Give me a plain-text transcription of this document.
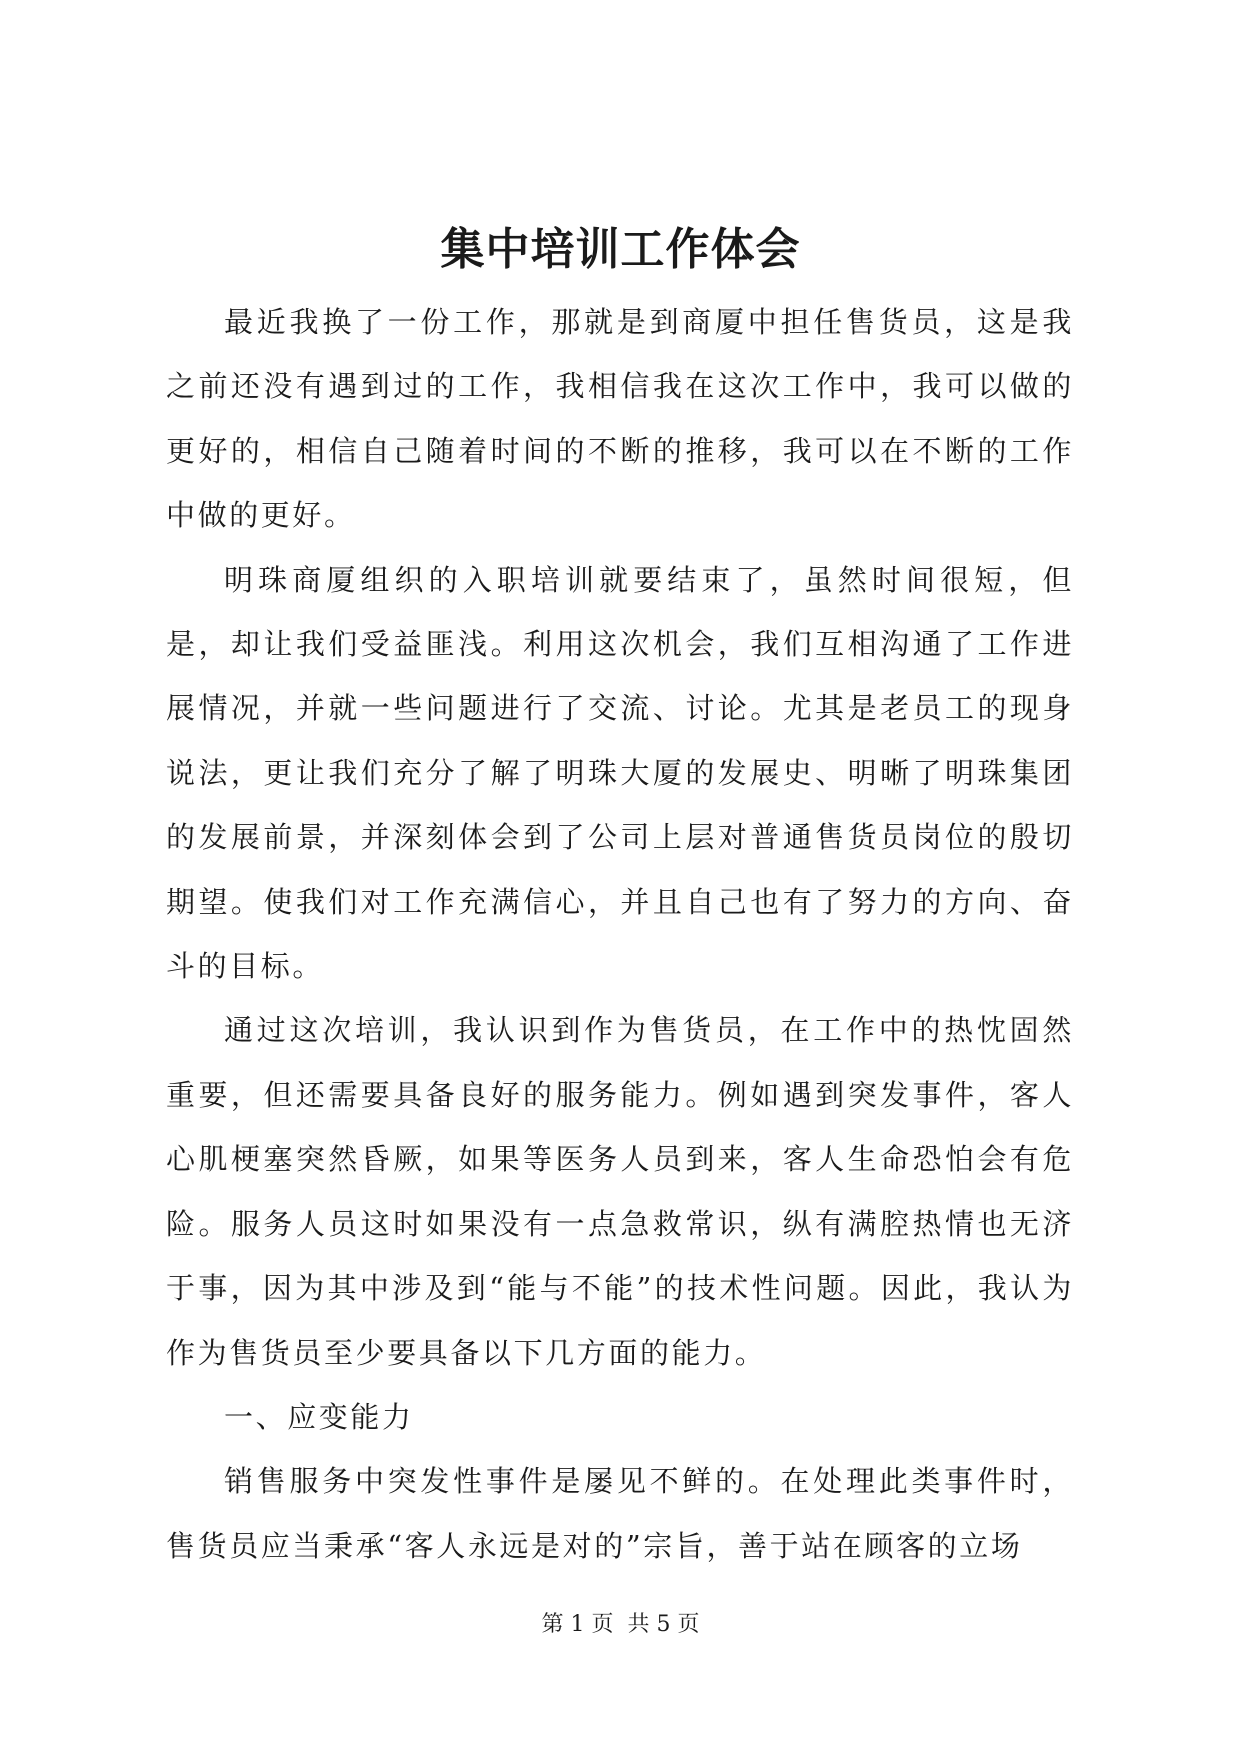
集中培训工作体会

最近我换了一份工作，那就是到商厦中担任售货员，这是我之前还没有遇到过的工作，我相信我在这次工作中，我可以做的更好的，相信自己随着时间的不断的推移，我可以在不断的工作中做的更好。

明珠商厦组织的入职培训就要结束了，虽然时间很短，但是，却让我们受益匪浅。利用这次机会，我们互相沟通了工作进展情况，并就一些问题进行了交流、讨论。尤其是老员工的现身说法，更让我们充分了解了明珠大厦的发展史、明晰了明珠集团的发展前景，并深刻体会到了公司上层对普通售货员岗位的殷切期望。使我们对工作充满信心，并且自己也有了努力的方向、奋斗的目标。

通过这次培训，我认识到作为售货员，在工作中的热忱固然重要，但还需要具备良好的服务能力。例如遇到突发事件，客人心肌梗塞突然昏厥，如果等医务人员到来，客人生命恐怕会有危险。服务人员这时如果没有一点急救常识，纵有满腔热情也无济于事，因为其中涉及到“能与不能”的技术性问题。因此，我认为作为售货员至少要具备以下几方面的能力。

一、应变能力

销售服务中突发性事件是屡见不鲜的。在处理此类事件时，售货员应当秉承“客人永远是对的”宗旨，善于站在顾客的立场

第 1 页  共 5 页
